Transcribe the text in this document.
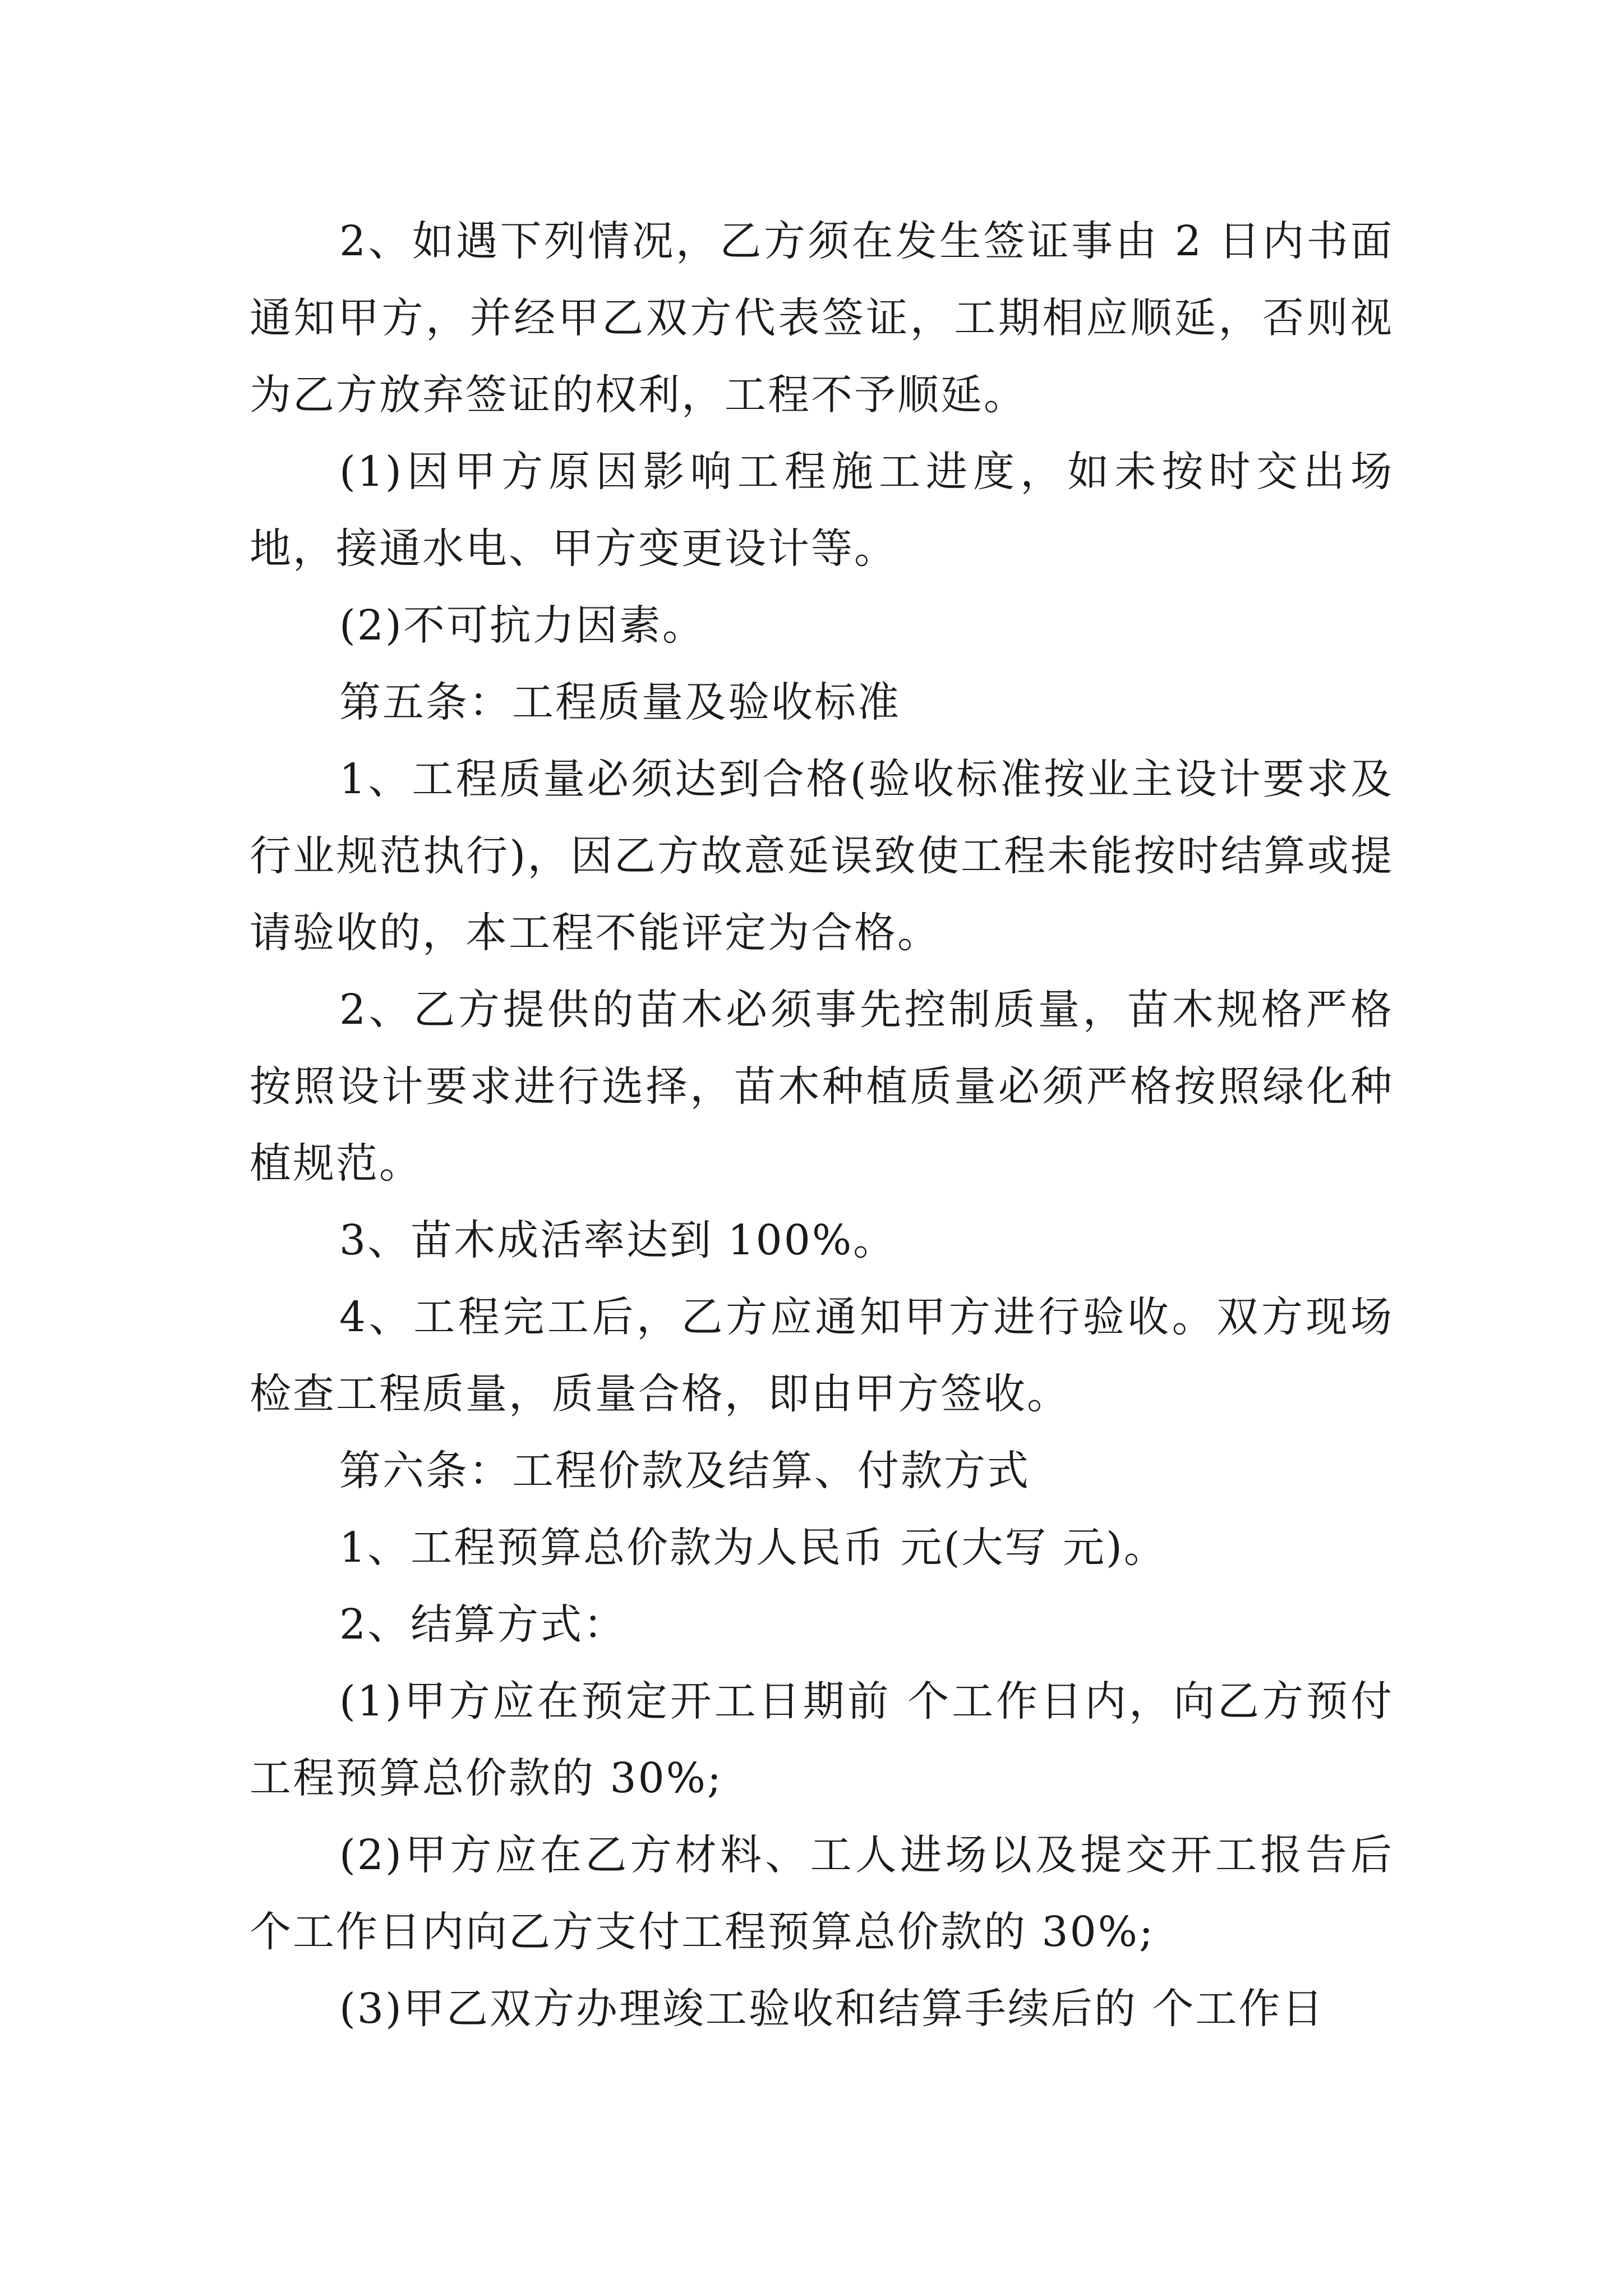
2、如遇下列情况，乙方须在发生签证事由 2 日内书面通知甲方，并经甲乙双方代表签证，工期相应顺延，否则视为乙方放弃签证的权利，工程不予顺延。

(1)因甲方原因影响工程施工进度，如未按时交出场地，接通水电、甲方变更设计等。

(2)不可抗力因素。

第五条：工程质量及验收标准

1、工程质量必须达到合格(验收标准按业主设计要求及行业规范执行)，因乙方故意延误致使工程未能按时结算或提请验收的，本工程不能评定为合格。

2、乙方提供的苗木必须事先控制质量，苗木规格严格按照设计要求进行选择，苗木种植质量必须严格按照绿化种植规范。

3、苗木成活率达到 100%。

4、工程完工后，乙方应通知甲方进行验收。双方现场检查工程质量，质量合格，即由甲方签收。

第六条：工程价款及结算、付款方式

1、工程预算总价款为人民币 元(大写 元)。

2、结算方式：

(1)甲方应在预定开工日期前 个工作日内，向乙方预付工程预算总价款的 30%;

(2)甲方应在乙方材料、工人进场以及提交开工报告后 个工作日内向乙方支付工程预算总价款的 30%;

(3)甲乙双方办理竣工验收和结算手续后的 个工作日
